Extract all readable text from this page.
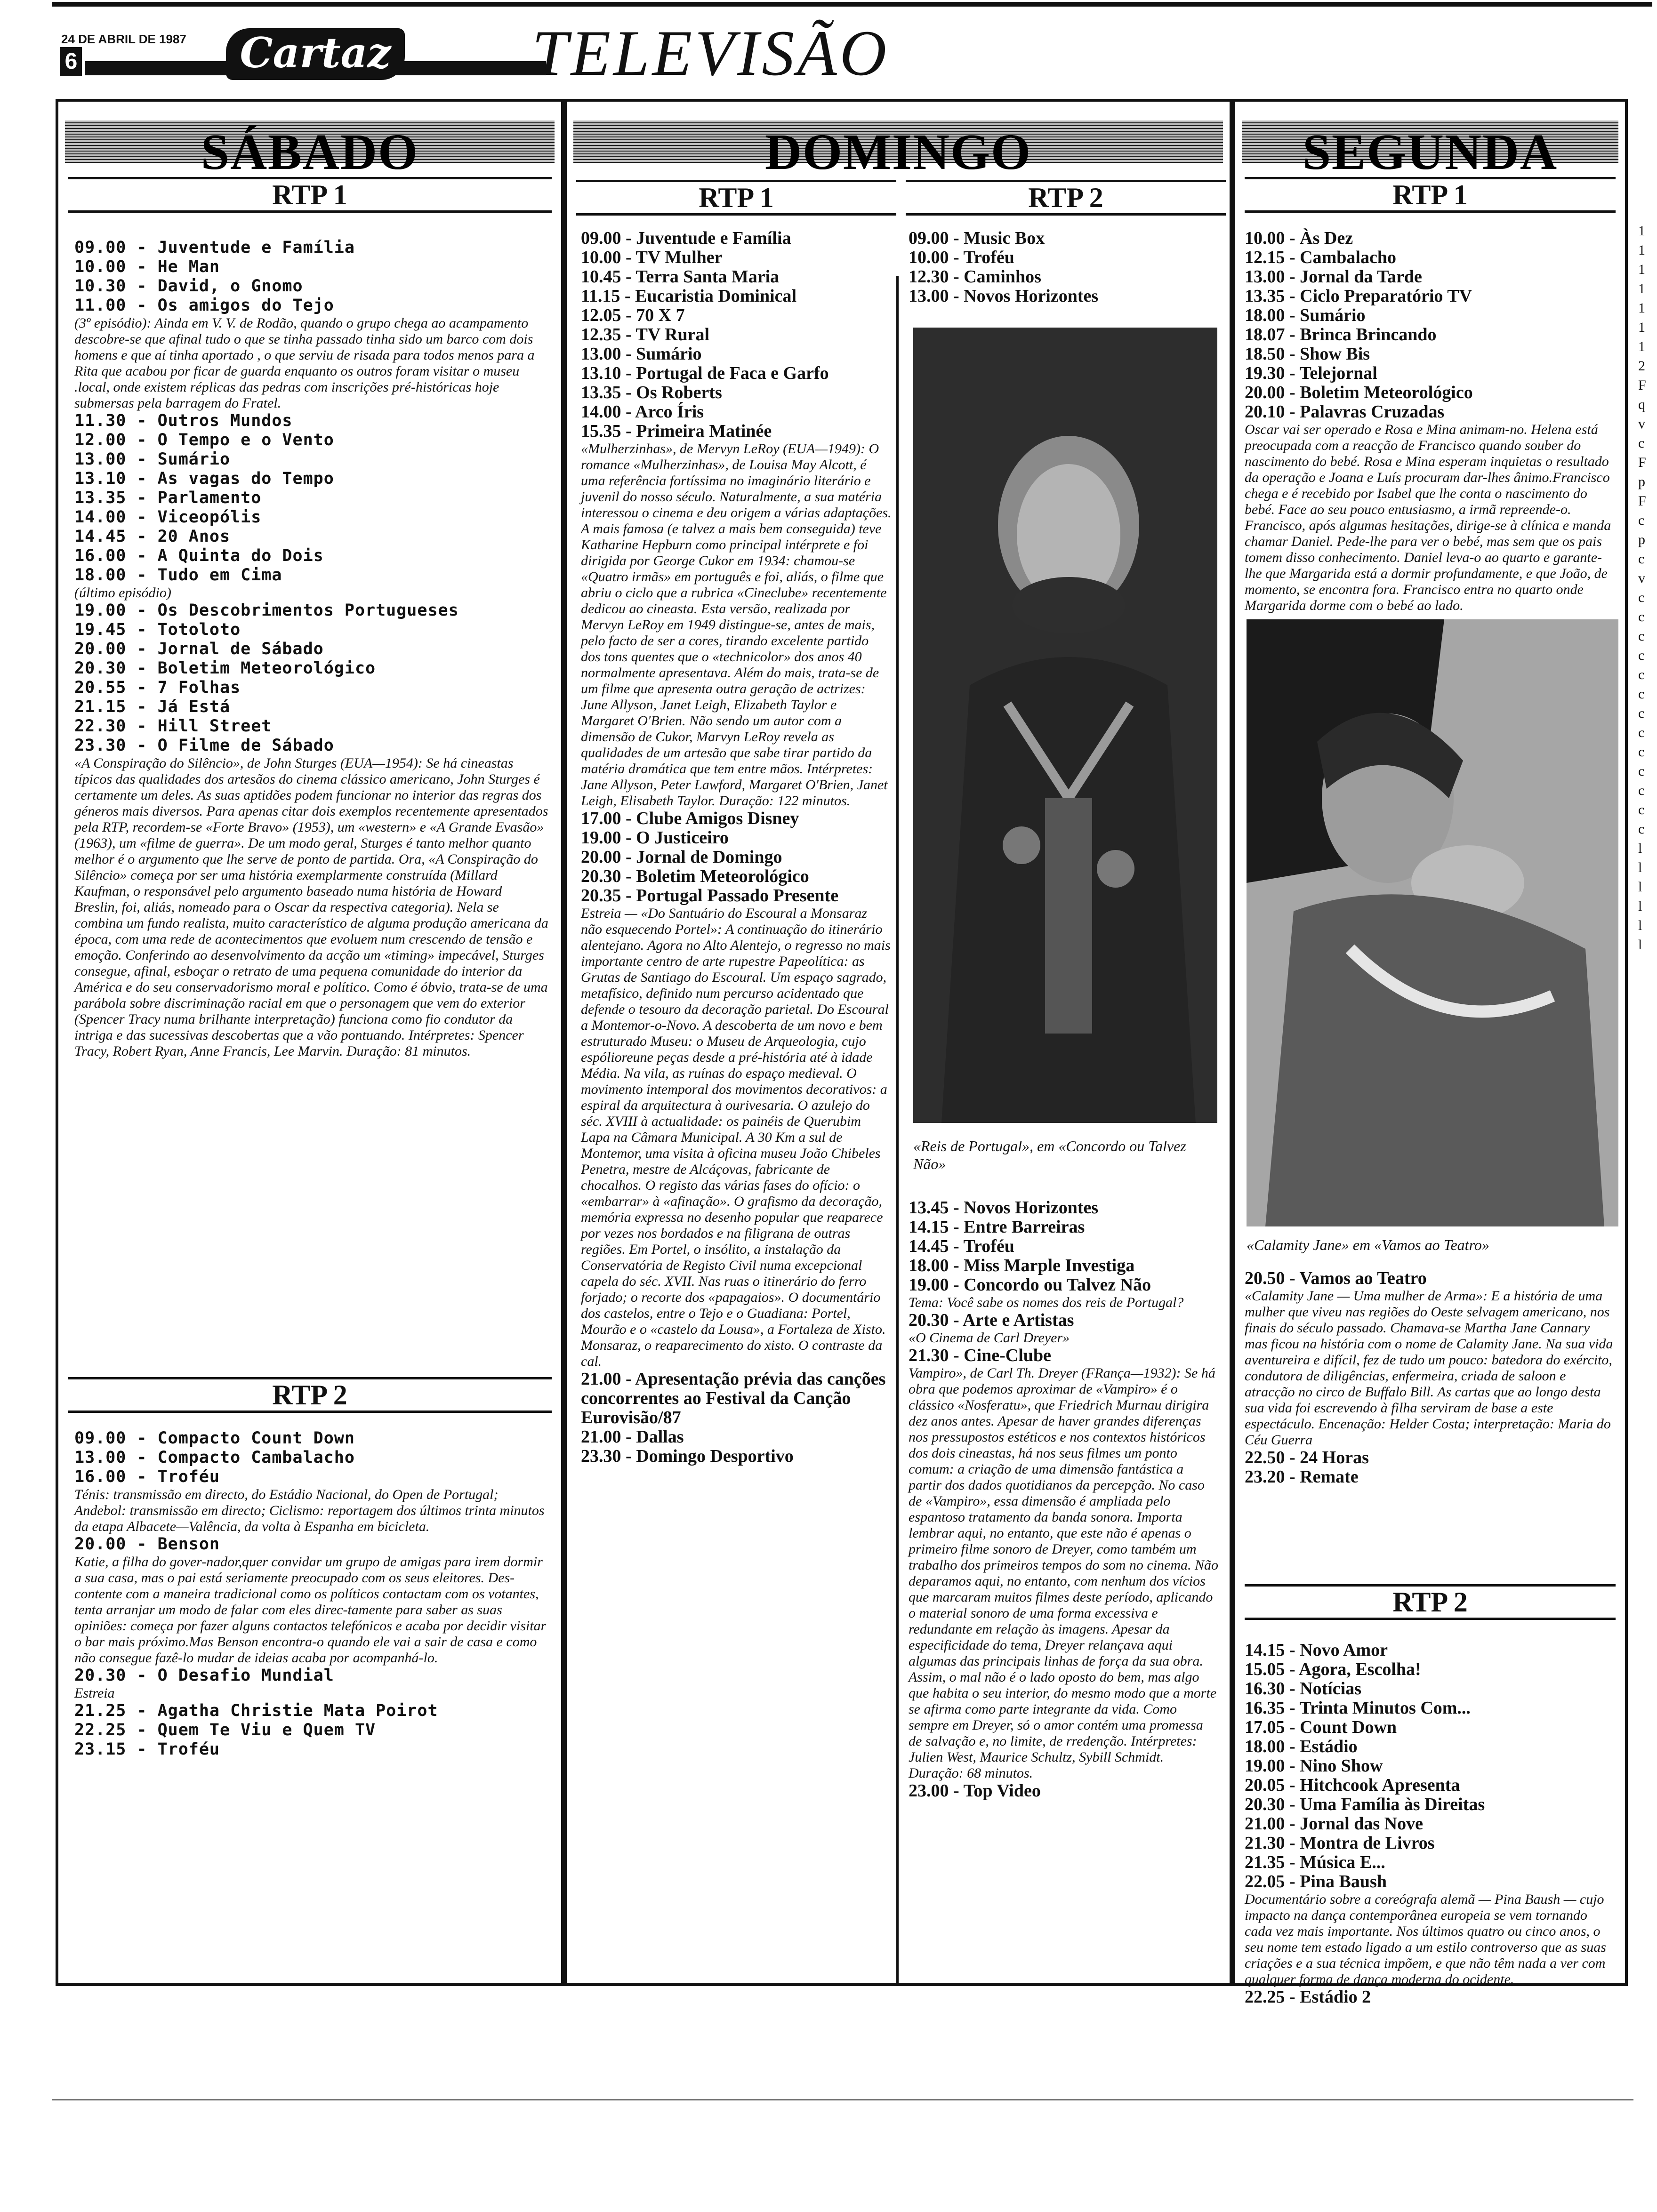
24 DE ABRIL DE 1987
6	Cartaz TELEVISÃO
SÁBADO
RTP 1
09.00 - Juventude e Família
10.00 - He Man
10.30 - David, o Gnomo
11.00 - Os amigos do Tejo
(3º episódio): Ainda em V. V. de Rodão, quando o grupo chega ao acampamento descobre-se que afinal tudo o que se tinha passado tinha sido um barco com dois homens e que aí tinha aportado , o que serviu de risada para todos menos para a Rita que acabou por ficar de guarda enquanto os outros foram visitar o museu .local, onde existem réplicas das pedras com inscrições pré-históricas hoje submersas pela barragem do Fratel.
11.30 - Outros Mundos
12.00 - O Tempo e o Vento
13.00 - Sumário
13.10 - As vagas do Tempo
13.35 - Parlamento
14.00 - Viceopólis
14.45 - 20 Anos
16.00 - A Quinta do Dois
18.00 - Tudo em Cima
(último episódio)
19.00 - Os Descobrimentos Portugueses
19.45 - Totoloto
20.00 - Jornal de Sábado
20.30 - Boletim Meteorológico
20.55 - 7 Folhas
21.15 - Já Está
22.30 - Hill Street
23.30 - O Filme de Sábado
«A Conspiração do Silêncio», de John Sturges (EUA—1954): Se há cineastas típicos das qualidades dos artesãos do cinema clássico americano, John Sturges é certamente um deles. As suas aptidões podem funcionar no interior das regras dos géneros mais diversos. Para apenas citar dois exemplos recentemente apresentados pela RTP, recordem-se «Forte Bravo» (1953), um «western» e «A Grande Evasão» (1963), um «filme de guerra». De um modo geral, Sturges é tanto melhor quanto melhor é o argumento que lhe serve de ponto de partida. Ora, «A Conspiração do Silêncio» começa por ser uma história exemplarmente construída (Millard Kaufman, o responsável pelo argumento baseado numa história de Howard Breslin, foi, aliás, nomeado para o Oscar da respectiva categoria). Nela se combina um fundo realista, muito característico de alguma produção americana da época, com uma rede de acontecimentos que evoluem num crescendo de tensão e emoção. Conferindo ao desenvolvimento da acção um «timing» impecável, Sturges consegue, afinal, esboçar o retrato de uma pequena comunidade do interior da América e do seu conservadorismo moral e político. Como é óbvio, trata-se de uma parábola sobre discriminação racial em que o personagem que vem do exterior (Spencer Tracy numa brilhante interpretação) funciona como fio condutor da intriga e das sucessivas descobertas que a vão pontuando. Intérpretes: Spencer Tracy, Robert Ryan, Anne Francis, Lee Marvin. Duração: 81 minutos.
RTP 2
09.00 - Compacto Count Down
13.00 - Compacto Cambalacho
16.00 - Troféu
Ténis: transmissão em directo, do Estádio Nacional, do Open de Portugal; Andebol: transmissão em directo; Ciclismo: reportagem dos últimos trinta minutos da etapa Albacete—Valência, da volta à Espanha em bicicleta.
20.00 - Benson
Katie, a filha do gover-nador,quer convidar um grupo de amigas para irem dormir a sua casa, mas o pai está seriamente preocupado com os seus eleitores. Des-contente com a maneira tradicional como os políticos contactam com os votantes, tenta arranjar um modo de falar com eles direc-tamente para saber as suas opiniões: começa por fazer alguns contactos telefónicos e acaba por decidir visitar o bar mais próximo.Mas Benson encontra-o quando ele vai a sair de casa e como não consegue fazê-lo mudar de ideias acaba por acompanhá-lo.
20.30 - O Desafio Mundial
Estreia
21.25 - Agatha Christie Mata Poirot
22.25 - Quem Te Viu e Quem TV
23.15 - Troféu
DOMINGO
RTP 1	RTP 2
09.00 - Juventude e Família
10.00 - TV Mulher
10.45 - Terra Santa Maria
11.15 - Eucaristia Dominical
12.05 - 70 X 7
12.35 - TV Rural
13.00 - Sumário
13.10 - Portugal de Faca e Garfo
13.35 - Os Roberts
14.00 - Arco Íris
15.35 - Primeira Matinée
«Mulherzinhas», de Mervyn LeRoy (EUA—1949): O romance «Mulherzinhas», de Louisa May Alcott, é uma referência fortíssima no imaginário literário e juvenil do nosso século. Naturalmente, a sua matéria interessou o cinema e deu origem a várias adaptações. A mais famosa (e talvez a mais bem conseguida) teve Katharine Hepburn como principal intérprete e foi dirigida por George Cukor em 1934: chamou-se «Quatro irmãs» em português e foi, aliás, o filme que abriu o ciclo que a rubrica «Cineclube» recentemente dedicou ao cineasta. Esta versão, realizada por Mervyn LeRoy em 1949 distingue-se, antes de mais, pelo facto de ser a cores, tirando excelente partido dos tons quentes que o «technicolor» dos anos 40 normalmente apresentava. Além do mais, trata-se de um filme que apresenta outra geração de actrizes: June Allyson, Janet Leigh, Elizabeth Taylor e Margaret O'Brien. Não sendo um autor com a dimensão de Cukor, Marvyn LeRoy revela as qualidades de um artesão que sabe tirar partido da matéria dramática que tem entre mãos. Intérpretes: Jane Allyson, Peter Lawford, Margaret O'Brien, Janet Leigh, Elisabeth Taylor. Duração: 122 minutos.
17.00 - Clube Amigos Disney
19.00 - O Justiceiro
20.00 - Jornal de Domingo
20.30 - Boletim Meteorológico
20.35 - Portugal Passado Presente
Estreia — «Do Santuário do Escoural a Monsaraz não esquecendo Portel»: A continuação do itinerário alentejano. Agora no Alto Alentejo, o regresso no mais importante centro de arte rupestre Papeolítica: as Grutas de Santiago do Escoural. Um espaço sagrado, metafísico, definido num percurso acidentado que defende o tesouro da decoração parietal. Do Escoural a Montemor-o-Novo. A descoberta de um novo e bem estruturado Museu: o Museu de Arqueologia, cujo espólioreune peças desde a pré-história até à idade Média. Na vila, as ruínas do espaço medieval. O movimento intemporal dos movimentos decorativos: a espiral da arquitectura à ourivesaria. O azulejo do séc. XVIII à actualidade: os painéis de Querubim Lapa na Câmara Municipal. A 30 Km a sul de Montemor, uma visita à oficina museu João Chibeles Penetra, mestre de Alcáçovas, fabricante de chocalhos. O registo das várias fases do ofício: o «embarrar» à «afinação». O grafismo da decoração, memória expressa no desenho popular que reaparece por vezes nos bordados e na filigrana de outras regiões. Em Portel, o insólito, a instalação da Conservatória de Registo Civil numa excepcional capela do séc. XVII. Nas ruas o itinerário do ferro forjado; o recorte dos «papagaios». O documentário dos castelos, entre o Tejo e o Guadiana: Portel, Mourão e o «castelo da Lousa», a Fortaleza de Xisto. Monsaraz, o reaparecimento do xisto. O contraste da cal.
21.00 - Apresentação prévia das canções concorrentes ao Festival da Canção Eurovisão/87
21.00 - Dallas
23.30 - Domingo Desportivo
09.00 - Music Box
10.00 - Troféu
12.30 - Caminhos
13.00 - Novos Horizontes
«Reis de Portugal», em «Concordo ou Talvez Não»
13.45 - Novos Horizontes
14.15 - Entre Barreiras
14.45 - Troféu
18.00 - Miss Marple Investiga
19.00 - Concordo ou Talvez Não
Tema: Você sabe os nomes dos reis de Portugal?
20.30 - Arte e Artistas
«O Cinema de Carl Dreyer»
21.30 - Cine-Clube
Vampiro», de Carl Th. Dreyer (FRança—1932): Se há obra que podemos aproximar de «Vampiro» é o clássico «Nosferatu», que Friedrich Murnau dirigira dez anos antes. Apesar de haver grandes diferenças nos pressupostos estéticos e nos contextos históricos dos dois cineastas, há nos seus filmes um ponto comum: a criação de uma dimensão fantástica a partir dos dados quotidianos da percepção. No caso de «Vampiro», essa dimensão é ampliada pelo espantoso tratamento da banda sonora. Importa lembrar aqui, no entanto, que este não é apenas o primeiro filme sonoro de Dreyer, como também um trabalho dos primeiros tempos do som no cinema. Não deparamos aqui, no entanto, com nenhum dos vícios que marcaram muitos filmes deste período, aplicando o material sonoro de uma forma excessiva e redundante em relação às imagens. Apesar da especificidade do tema, Dreyer relançava aqui algumas das principais linhas de força da sua obra. Assim, o mal não é o lado oposto do bem, mas algo que habita o seu interior, do mesmo modo que a morte se afirma como parte integrante da vida. Como sempre em Dreyer, só o amor contém uma promessa de salvação e, no limite, de rredenção. Intérpretes: Julien West, Maurice Schultz, Sybill Schmidt. Duração: 68 minutos.
23.00 - Top Video
SEGUNDA
RTP 1
10.00 - Às Dez
12.15 - Cambalacho
13.00 - Jornal da Tarde
13.35 - Ciclo Preparatório TV
18.00 - Sumário
18.07 - Brinca Brincando
18.50 - Show Bis
19.30 - Telejornal
20.00 - Boletim Meteorológico
20.10 - Palavras Cruzadas
Oscar vai ser operado e Rosa e Mina animam-no. Helena está preocupada com a reacção de Francisco quando souber do nascimento do bebé. Rosa e Mina esperam inquietas o resultado da operação e Joana e Luís procuram dar-lhes ânimo.Francisco chega e é recebido por Isabel que lhe conta o nascimento do bebé. Face ao seu pouco entusiasmo, a irmã repreende-o. Francisco, após algumas hesitações, dirige-se à clínica e manda chamar Daniel. Pede-lhe para ver o bebé, mas sem que os pais tomem disso conhecimento. Daniel leva-o ao quarto e garante-lhe que Margarida está a dormir profundamente, e que João, de momento, se encontra fora. Francisco entra no quarto onde Margarida dorme com o bebé ao lado.
«Calamity Jane» em «Vamos ao Teatro»
20.50 - Vamos ao Teatro
«Calamity Jane — Uma mulher de Arma»: E a história de uma mulher que viveu nas regiões do Oeste selvagem americano, nos finais do século passado. Chamava-se Martha Jane Cannary mas ficou na história com o nome de Calamity Jane. Na sua vida aventureira e difícil, fez de tudo um pouco: batedora do exército, condutora de diligências, enfermeira, criada de saloon e atracção no circo de Buffalo Bill. As cartas que ao longo desta sua vida foi escrevendo à filha serviram de base a este espectáculo. Encenação: Helder Costa; interpretação: Maria do Céu Guerra
22.50 - 24 Horas
23.20 - Remate
RTP 2
14.15 - Novo Amor
15.05 - Agora, Escolha!
16.30 - Notícias
16.35 - Trinta Minutos Com...
17.05 - Count Down
18.00 - Estádio
19.00 - Nino Show
20.05 - Hitchcook Apresenta
20.30 - Uma Família às Direitas
21.00 - Jornal das Nove
21.30 - Montra de Livros
21.35 - Música E...
22.05 - Pina Baush
Documentário sobre a coreógrafa alemã — Pina Baush — cujo impacto na dança contemporânea europeia se vem tornando cada vez mais importante. Nos últimos quatro ou cinco anos, o seu nome tem estado ligado a um estilo controverso que as suas criações e a sua técnica impõem, e que não têm nada a ver com qualquer forma de dança moderna do ocidente.
22.25 - Estádio 2
1
1
1
1
1
1
1
2
F
q
v
c
F
p
F
c
p
c
v
c
c
c
c
c
c
c
c
c
c
c
c
c
l
l
l
l
l
l
